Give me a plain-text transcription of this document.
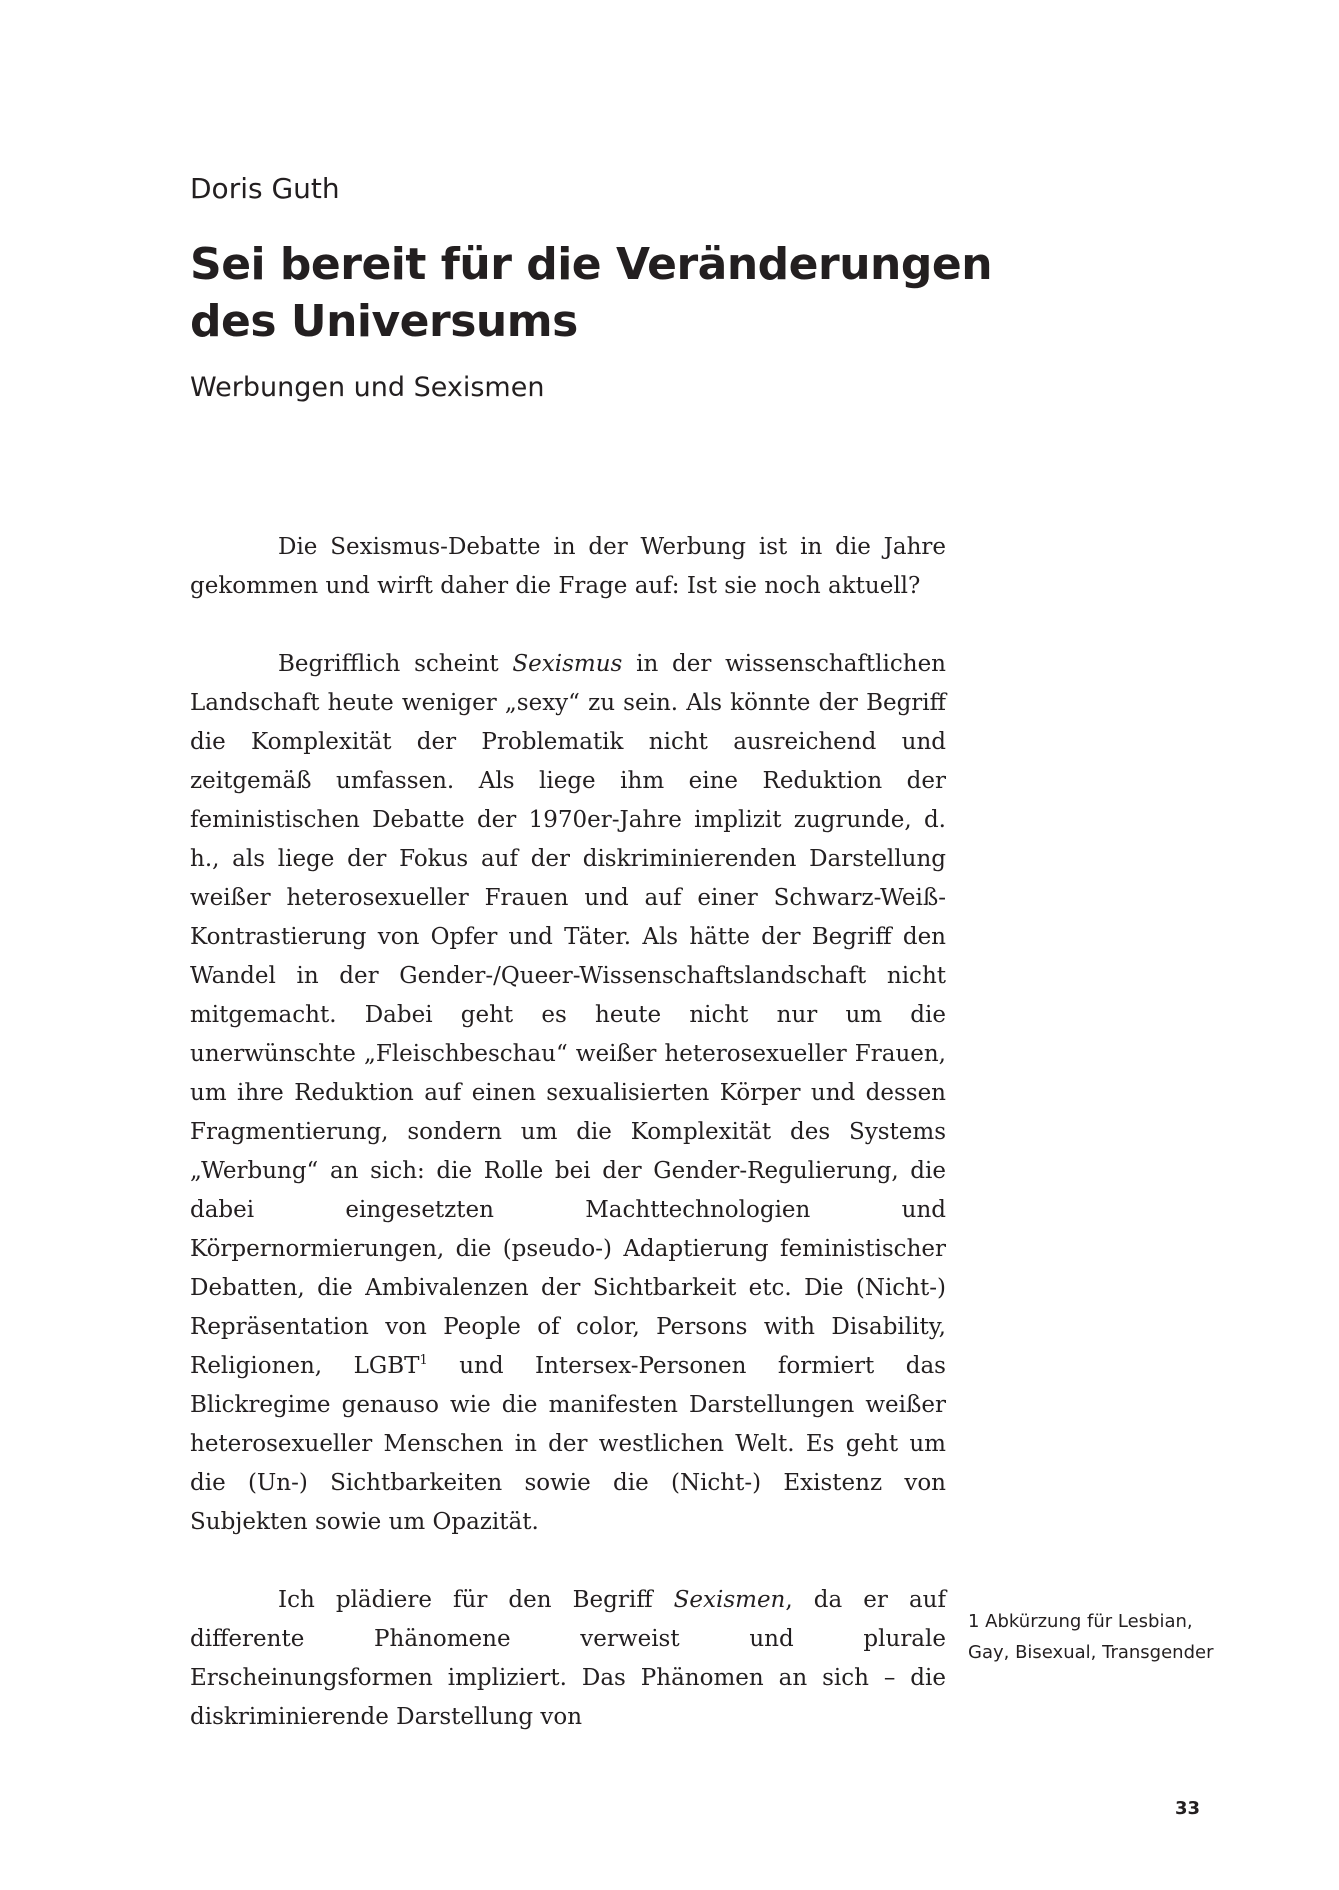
Doris Guth
Sei bereit für die Veränderungen des Universums
Werbungen und Sexismen

Die Sexismus-Debatte in der Werbung ist in die Jahre gekommen und wirft daher die Frage auf: Ist sie noch aktuell?

Begrifflich scheint Sexismus in der wissenschaftlichen Landschaft heute weniger „sexy“ zu sein. Als könnte der Begriff die Komplexität der Problematik nicht ausreichend und zeitgemäß umfassen. Als liege ihm eine Reduktion der feministischen Debatte der 1970er-Jahre implizit zugrunde, d. h., als liege der Fokus auf der diskriminierenden Darstellung weißer heterosexueller Frauen und auf einer Schwarz-Weiß-Kontrastierung von Opfer und Täter. Als hätte der Begriff den Wandel in der Gender-/Queer-Wissenschaftslandschaft nicht mitgemacht. Dabei geht es heute nicht nur um die unerwünschte „Fleischbeschau“ weißer heterosexueller Frauen, um ihre Reduktion auf einen sexualisierten Körper und dessen Fragmentierung, sondern um die Komplexität des Systems „Werbung“ an sich: die Rolle bei der Gender-Regulierung, die dabei eingesetzten Machttechnologien und Körpernormierungen, die (pseudo-) Adaptierung feministischer Debatten, die Ambivalenzen der Sichtbarkeit etc. Die (Nicht-) Repräsentation von People of color, Persons with Disability, Religionen, LGBT$^1$ und Intersex-Personen formiert das Blickregime genauso wie die manifesten Darstellungen weißer heterosexueller Menschen in der westlichen Welt. Es geht um die (Un-) Sichtbarkeiten sowie die (Nicht-) Existenz von Subjekten sowie um Opazität.

Ich plädiere für den Begriff Sexismen, da er auf differente Phänomene verweist und plurale Erscheinungsformen impliziert. Das Phänomen an sich – die diskriminierende Darstellung von

1 Abkürzung für Lesbian, Gay, Bisexual, Transgender

33
